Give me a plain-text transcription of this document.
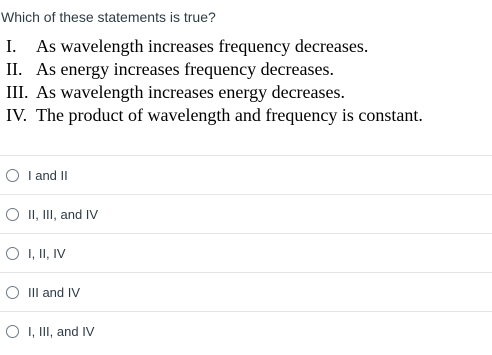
Which of these statements is true?
I.	As wavelength increases frequency decreases.
II. As energy increases frequency decreases.
III. As wavelength increases energy decreases.
IV. The product of wavelength and frequency is constant.
I and II
II, III, and IV
I, II, IV
III and IV
I, III, and IV
